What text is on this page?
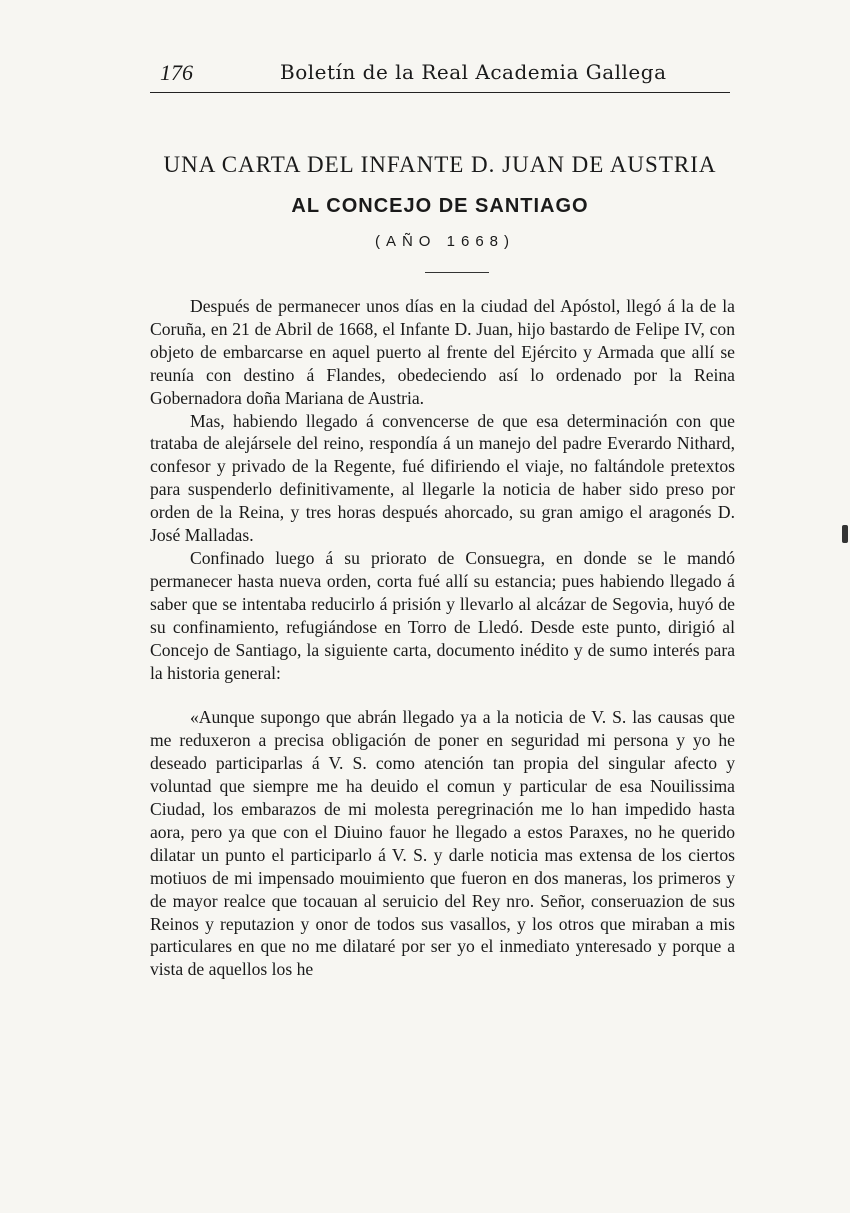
176	Boletín de la Real Academia Gallega
UNA CARTA DEL INFANTE D. JUAN DE AUSTRIA
AL CONCEJO DE SANTIAGO
(AÑO 1668)

Después de permanecer unos días en la ciudad del Apóstol, llegó á la de la Coruña, en 21 de Abril de 1668, el Infante D. Juan, hijo bastardo de Felipe IV, con objeto de embarcarse en aquel puerto al frente del Ejército y Armada que allí se reunía con destino á Flandes, obedeciendo así lo ordenado por la Reina Gobernadora doña Mariana de Austria.

Mas, habiendo llegado á convencerse de que esa determinación con que trataba de alejársele del reino, respondía á un manejo del padre Everardo Nithard, confesor y privado de la Regente, fué difiriendo el viaje, no faltándole pretextos para suspenderlo definitivamente, al llegarle la noticia de haber sido preso por orden de la Reina, y tres horas después ahorcado, su gran amigo el aragonés D. José Malladas.

Confinado luego á su priorato de Consuegra, en donde se le mandó permanecer hasta nueva orden, corta fué allí su estancia; pues habiendo llegado á saber que se intentaba reducirlo á prisión y llevarlo al alcázar de Segovia, huyó de su confinamiento, refugiándose en Torro de Lledó. Desde este punto, dirigió al Concejo de Santiago, la siguiente carta, documento inédito y de sumo interés para la historia general:

«Aunque supongo que abrán llegado ya a la noticia de V. S. las causas que me reduxeron a precisa obligación de poner en seguridad mi persona y yo he deseado participarlas á V. S. como atención tan propia del singular afecto y voluntad que siempre me ha deuido el comun y particular de esa Nouilissima Ciudad, los embarazos de mi molesta peregrinación me lo han impedido hasta aora, pero ya que con el Diuino fauor he llegado a estos Paraxes, no he querido dilatar un punto el participarlo á V. S. y darle noticia mas extensa de los ciertos motiuos de mi impensado mouimiento que fueron en dos maneras, los primeros y de mayor realce que tocauan al seruicio del Rey nro. Señor, conseruazion de sus Reinos y reputazion y onor de todos sus vasallos, y los otros que miraban a mis particulares en que no me dilataré por ser yo el inmediato ynteresado y porque a vista de aquellos los he
